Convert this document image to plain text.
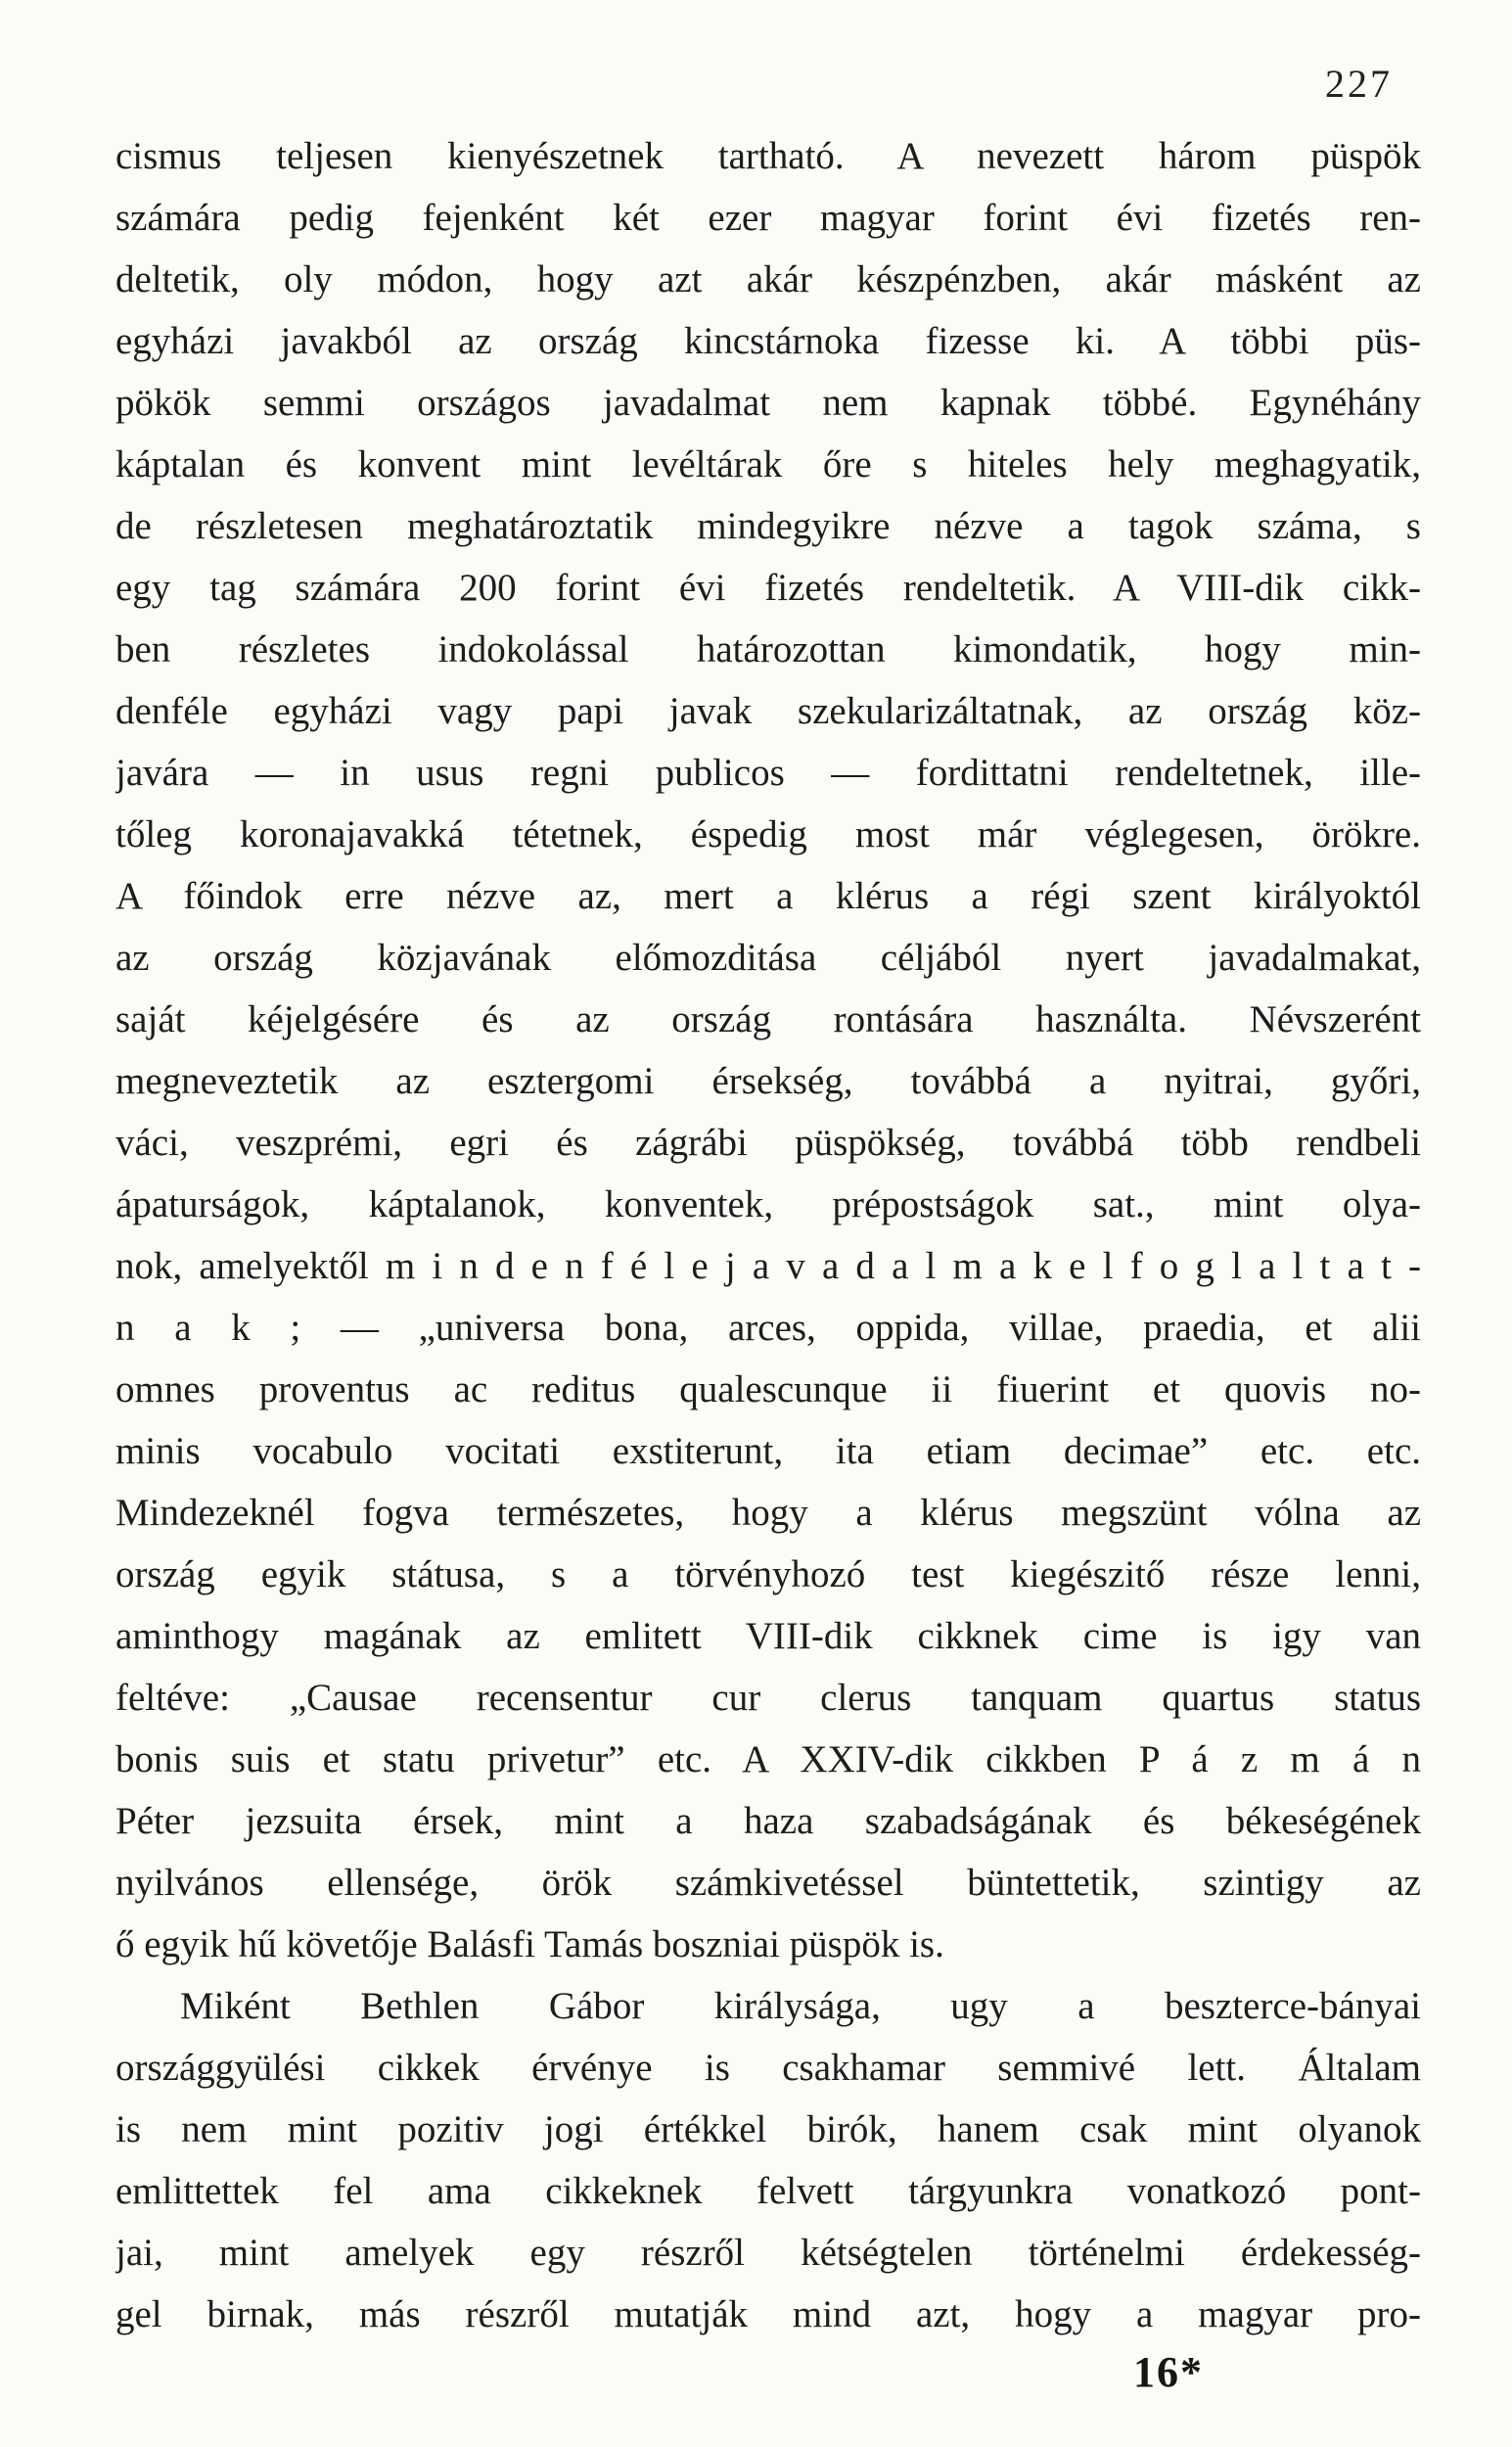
227
cismus teljesen kienyészetnek tartható. A nevezett három püspök
számára pedig fejenként két ezer magyar forint évi fizetés ren-
deltetik, oly módon, hogy azt akár készpénzben, akár másként az
egyházi javakból az ország kincstárnoka fizesse ki. A többi püs-
pökök semmi országos javadalmat nem kapnak többé. Egynéhány
káptalan és konvent mint levéltárak őre s hiteles hely meghagyatik,
de részletesen meghatároztatik mindegyikre nézve a tagok száma, s
egy tag számára 200 forint évi fizetés rendeltetik. A VIII-dik cikk-
ben részletes indokolással határozottan kimondatik, hogy min-
denféle egyházi vagy papi javak szekularizáltatnak, az ország köz-
javára — in usus regni publicos — fordittatni rendeltetnek, ille-
tőleg koronajavakká tétetnek, éspedig most már véglegesen, örökre.
A főindok erre nézve az, mert a klérus a régi szent királyoktól
az ország közjavának előmozditása céljából nyert javadalmakat,
saját kéjelgésére és az ország rontására használta. Névszerént
megneveztetik az esztergomi érsekség, továbbá a nyitrai, győri,
váci, veszprémi, egri és zágrábi püspökség, továbbá több rendbeli
ápaturságok, káptalanok, konventek, prépostságok sat., mint olya-
nok, amelyektől m i n d e n f é l e j a v a d a l m a k e l f o g l a l t a t -
n a k ; — „universa bona, arces, oppida, villae, praedia, et alii
omnes proventus ac reditus qualescunque ii fiuerint et quovis no-
minis vocabulo vocitati exstiterunt, ita etiam decimae” etc. etc.
Mindezeknél fogva természetes, hogy a klérus megszünt vólna az
ország egyik státusa, s a törvényhozó test kiegészitő része lenni,
aminthogy magának az emlitett VIII-dik cikknek cime is igy van
feltéve: „Causae recensentur cur clerus tanquam quartus status
bonis suis et statu privetur” etc. A XXIV-dik cikkben P á z m á n
Péter jezsuita érsek, mint a haza szabadságának és békeségének
nyilvános ellensége, örök számkivetéssel büntettetik, szintigy az
ő egyik hű követője Balásfi Tamás boszniai püspök is.
Miként Bethlen Gábor királysága, ugy a beszterce-bányai
országgyülési cikkek érvénye is csakhamar semmivé lett. Általam
is nem mint pozitiv jogi értékkel birók, hanem csak mint olyanok
emlittettek fel ama cikkeknek felvett tárgyunkra vonatkozó pont-
jai, mint amelyek egy részről kétségtelen történelmi érdekesség-
gel birnak, más részről mutatják mind azt, hogy a magyar pro-
16*
